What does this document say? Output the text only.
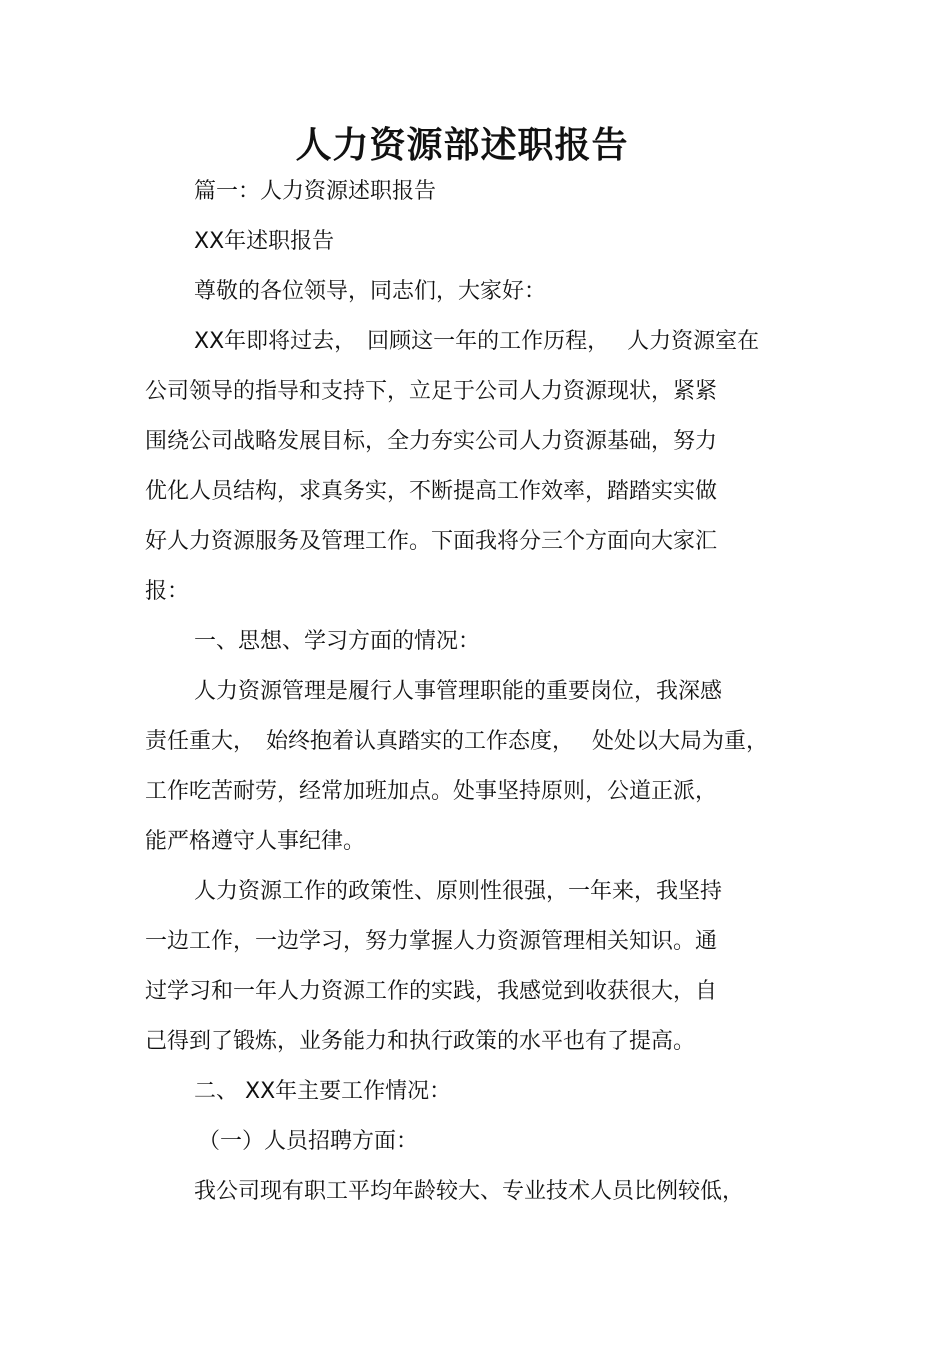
人力资源部述职报告

篇一：人力资源述职报告

XX年述职报告

尊敬的各位领导，同志们，大家好：

XX年即将过去，　回顾这一年的工作历程，　 人力资源室在

公司领导的指导和支持下，立足于公司人力资源现状，紧紧

围绕公司战略发展目标，全力夯实公司人力资源基础，努力

优化人员结构，求真务实，不断提高工作效率，踏踏实实做

好人力资源服务及管理工作。下面我将分三个方面向大家汇

报：

一、思想、学习方面的情况：

人力资源管理是履行人事管理职能的重要岗位，我深感

责任重大，　始终抱着认真踏实的工作态度，　 处处以大局为重，

工作吃苦耐劳，经常加班加点。处事坚持原则，公道正派，

能严格遵守人事纪律。

人力资源工作的政策性、原则性很强，一年来，我坚持

一边工作，一边学习，努力掌握人力资源管理相关知识。通

过学习和一年人力资源工作的实践，我感觉到收获很大，自

己得到了锻炼，业务能力和执行政策的水平也有了提高。

二、 XX年主要工作情况：

（一）人员招聘方面：

我公司现有职工平均年龄较大、专业技术人员比例较低，
